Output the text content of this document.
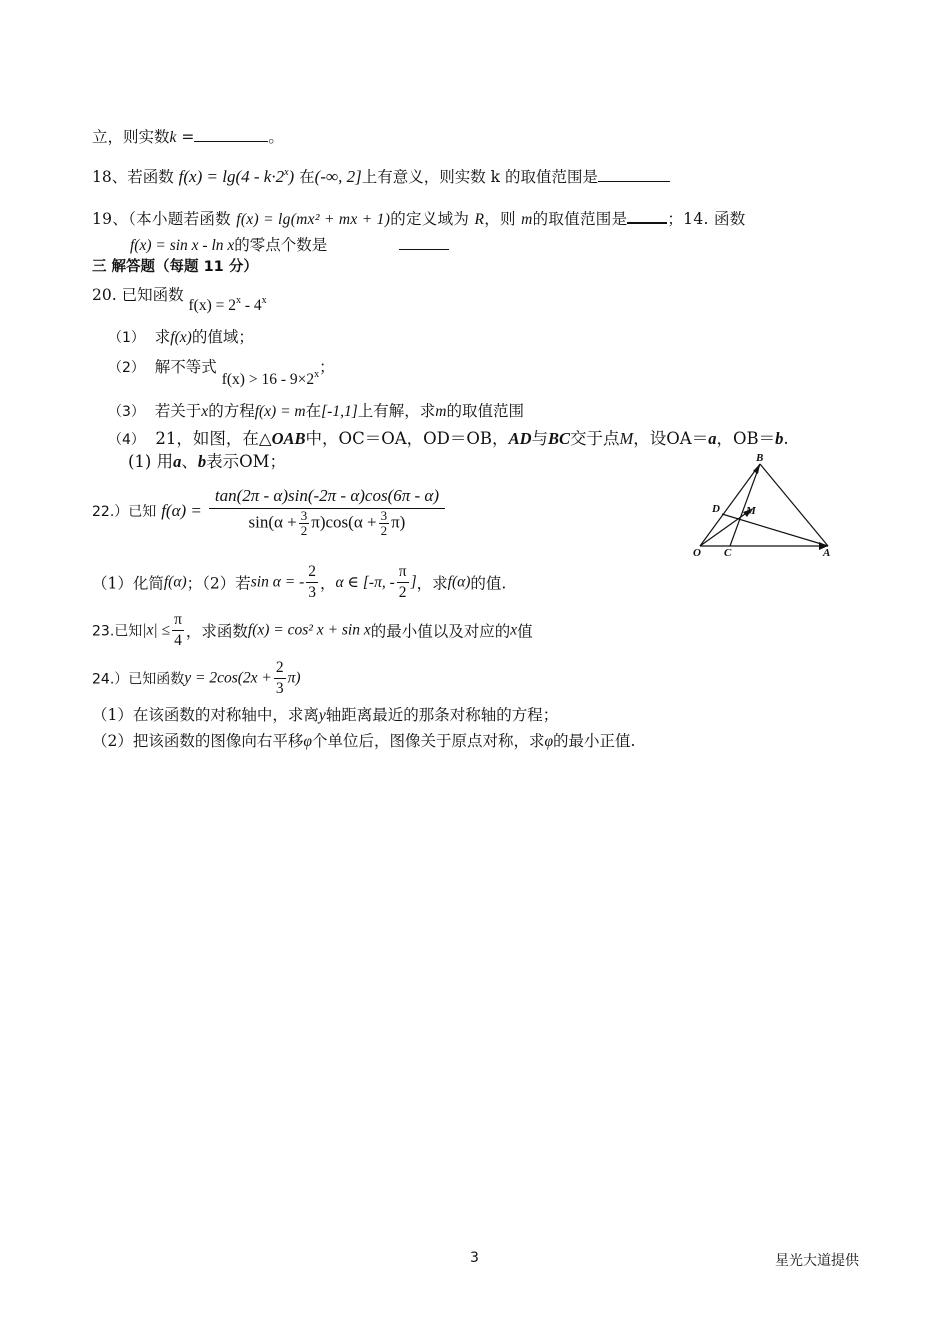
立，则实数k =	。
18、若函数 $f(x) = \lg(4 - k\cdot 2^x)$ 在(-∞, 2]上有意义，则实数 k 的取值范围是
19、（本小题若函数 f(x) = lg(mx² + mx + 1)的定义域为 R，则 m的取值范围是	；14. 函数
f(x) = sin x - ln x的零点个数是
三 解答题（每题 11 分）
20. 已知函数 $f(x) = 2^x - 4^x$
（1） 求f(x)的值域；
（2） 解不等式 $f(x) > 16 - 9\times 2^x$；
（3） 若关于x的方程f(x) = m在[-1,1]上有解，求m的取值范围
（4） 21，如图，在△OAB中，OC＝OA，OD＝OB，AD与BC交于点M，设OA＝a，OB＝b.
(1) 用a、b表示OM；	B
D M
O C	A
22.）已知 $f(\alpha) = \frac{\tan(2\pi - \alpha)\sin(-2\pi - \alpha)\cos(6\pi - \alpha)}{\sin(\alpha + \frac{3}{2} \pi)\cos(\alpha + \frac{3}{2} \pi)}$
（1）化简f(α)；（2）若sin α = - $\frac{2}{3}$ ，α ∈ [-π, - $\frac{\pi}{2}$ ]，求f(α)的值.
23.已知$|x| \le \frac{\pi}{4}$ ，求函数f(x) = cos² x + sin x的最小值以及对应的x值
24.）已知函数$y = 2\cos(2x + \frac{2}{3} \pi)$
（1）在该函数的对称轴中，求离y轴距离最近的那条对称轴的方程；
（2）把该函数的图像向右平移φ个单位后，图像关于原点对称，求φ的最小正值.
3	星光大道提供
